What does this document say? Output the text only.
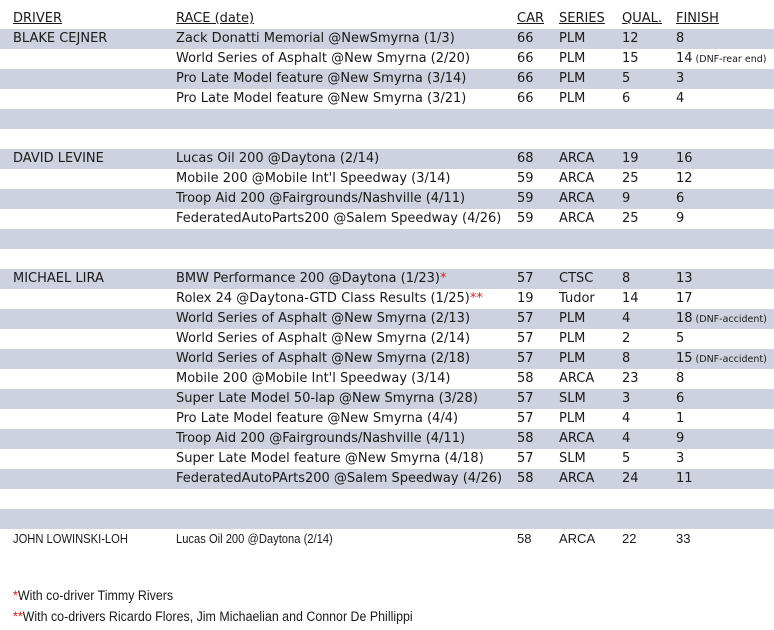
DRIVER	RACE (date)	CAR SERIES QUAL. FINISH
BLAKE CEJNER	Zack Donatti Memorial @NewSmyrna (1/3)	66 PLM	12	8
World Series of Asphalt @New Smyrna (2/20)	66 PLM	15	14 (DNF-rear end)
Pro Late Model feature @New Smyrna (3/14)	66 PLM	5	3
Pro Late Model feature @New Smyrna (3/21)	66 PLM	6	4
DAVID LEVINE	Lucas Oil 200 @Daytona (2/14)	68 ARCA 19	16
Mobile 200 @Mobile Int'l Speedway (3/14)	59 ARCA 25	12
Troop Aid 200 @Fairgrounds/Nashville (4/11)	59 ARCA 9	6
FederatedAutoParts200 @Salem Speedway (4/26) 59 ARCA 25	9
MICHAEL LIRA	BMW Performance 200 @Daytona (1/23)*	57 CTSC 8	13
Rolex 24 @Daytona-GTD Class Results (1/25)**	19 Tudor 14	17
World Series of Asphalt @New Smyrna (2/13)	57 PLM	4	18 (DNF-accident)
World Series of Asphalt @New Smyrna (2/14)	57 PLM	2	5
World Series of Asphalt @New Smyrna (2/18)	57 PLM	8	15 (DNF-accident)
Mobile 200 @Mobile Int'l Speedway (3/14)	58 ARCA 23	8
Super Late Model 50-lap @New Smyrna (3/28)	57 SLM	3	6
Pro Late Model feature @New Smyrna (4/4)	57 PLM	4	1
Troop Aid 200 @Fairgrounds/Nashville (4/11)	58 ARCA 4	9
Super Late Model feature @New Smyrna (4/18)	57 SLM	5	3
FederatedAutoPArts200 @Salem Speedway (4/26) 58 ARCA 24	11
JOHN LOWINSKI-LOH	Lucas Oil 200 @Daytona (2/14)	58 ARCA 22	33
*With co-driver Timmy Rivers
**With co-drivers Ricardo Flores, Jim Michaelian and Connor De Phillippi
